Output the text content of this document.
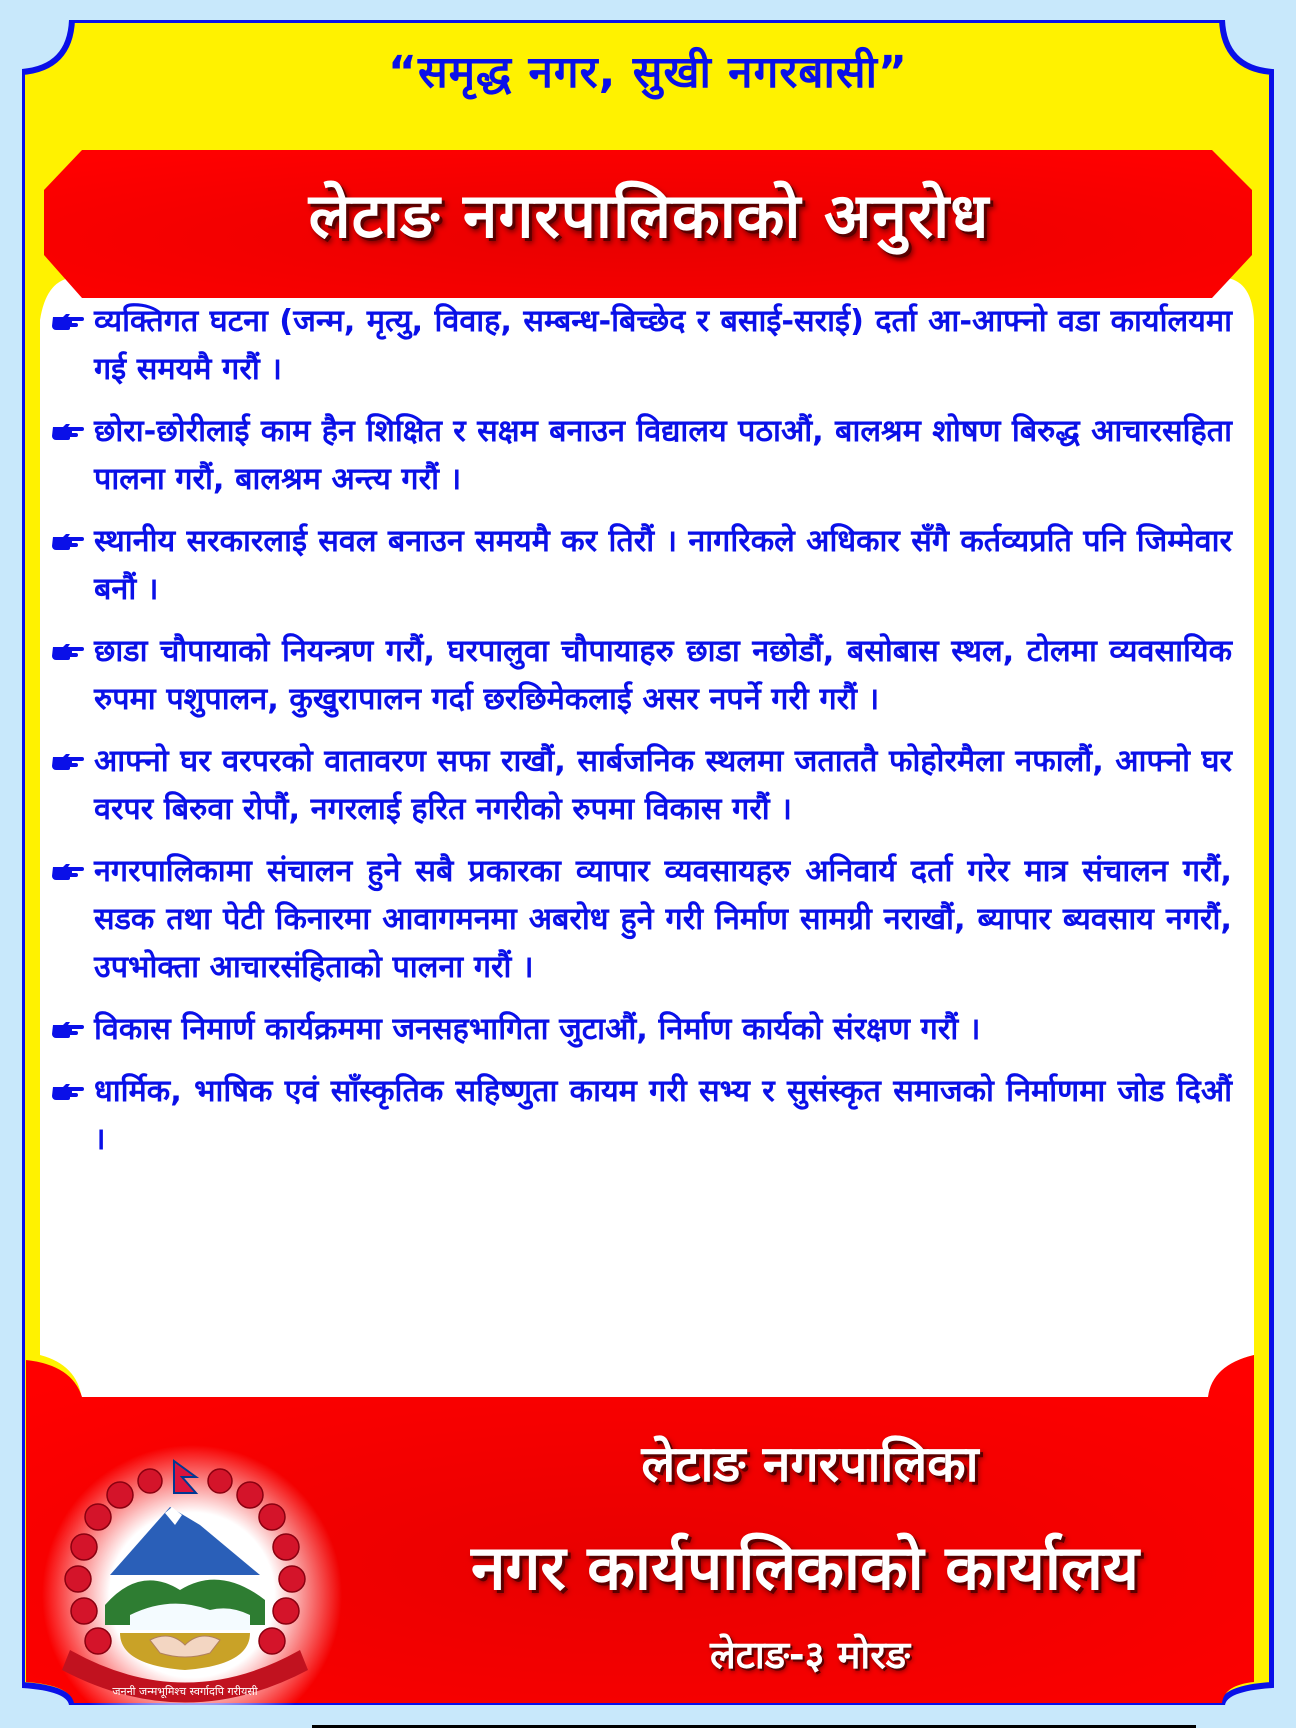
“समृद्ध नगर, सुखी नगरबासी”
लेटाङ नगरपालिकाको अनुरोध
व्यक्तिगत घटना (जन्म, मृत्यु, विवाह, सम्बन्ध-बिच्छेद र बसाई-सराई) दर्ता आ-आफ्नो वडा कार्यालयमा गई समयमै गरौं ।
छोरा-छोरीलाई काम हैन शिक्षित र सक्षम बनाउन विद्यालय पठाऔं, बालश्रम शोषण बिरुद्ध आचारसहिता पालना गरौं, बालश्रम अन्त्य गरौं ।
स्थानीय सरकारलाई सवल बनाउन समयमै कर तिरौं । नागरिकले अधिकार सँगै कर्तव्यप्रति पनि जिम्मेवार बनौं ।
छाडा चौपायाको नियन्त्रण गरौं, घरपालुवा चौपायाहरु छाडा नछोडौं, बसोबास स्थल, टोलमा व्यवसायिक रुपमा पशुपालन, कुखुरापालन गर्दा छरछिमेकलाई असर नपर्ने गरी गरौं ।
आफ्नो घर वरपरको वातावरण सफा राखौं, सार्बजनिक स्थलमा जतातत‍ै फोहोरमैला नफालौं, आफ्नो घर वरपर बिरुवा रोपौं, नगरलाई हरित नगरीको रुपमा विकास गरौं ।
नगरपालिकामा संचालन हुने सबै प्रकारका व्यापार व्यवसायहरु अनिवार्य दर्ता गरेर मात्र संचालन गरौं, सडक तथा पेटी किनारमा आवागमनमा अबरोध हुने गरी निर्माण सामग्री नराखौं, ब्यापार ब्यवसाय नगरौं, उपभोक्ता आचारसंहिताको पालना गरौं ।
विकास निमार्ण कार्यक्रममा जनसहभागिता जुटाऔं, निर्माण कार्यको संरक्षण गरौं ।
धार्मिक, भाषिक एवं साँस्कृतिक सहिष्णुता कायम गरी सभ्य र सुसंस्कृत समाजको निर्माणमा जोड दिऔं ।
जननी जन्मभूमिश्च स्वर्गादपि गरीयसी
लेटाङ नगरपालिका
नगर कार्यपालिकाको कार्यालय
लेटाङ-३ मोरङ
